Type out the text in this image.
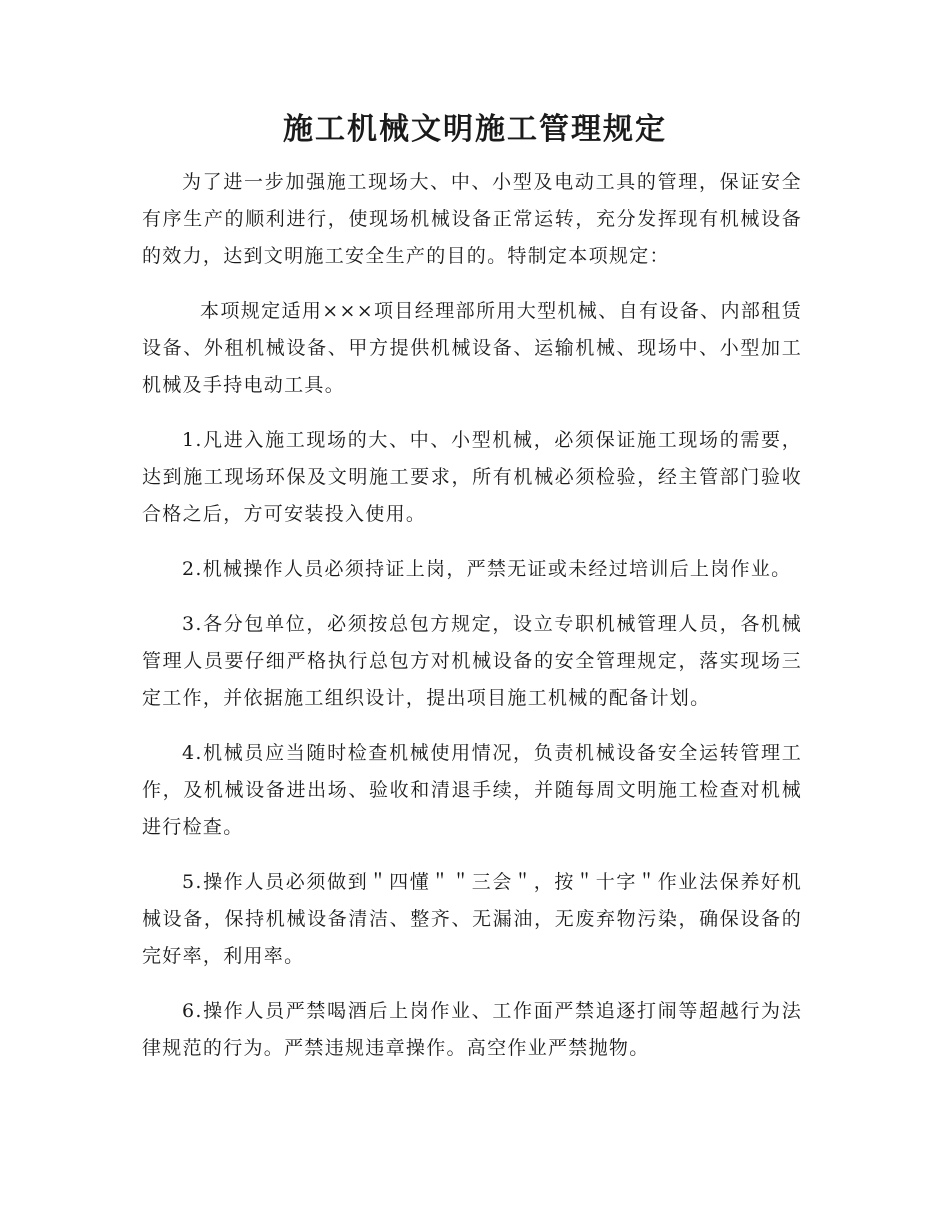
施工机械文明施工管理规定

为了进一步加强施工现场大、中、小型及电动工具的管理，保证安全有序生产的顺利进行，使现场机械设备正常运转，充分发挥现有机械设备的效力，达到文明施工安全生产的目的。特制定本项规定：

本项规定适用×××项目经理部所用大型机械、自有设备、内部租赁设备、外租机械设备、甲方提供机械设备、运输机械、现场中、小型加工机械及手持电动工具。

1.凡进入施工现场的大、中、小型机械，必须保证施工现场的需要，达到施工现场环保及文明施工要求，所有机械必须检验，经主管部门验收合格之后，方可安装投入使用。

2.机械操作人员必须持证上岗，严禁无证或未经过培训后上岗作业。

3.各分包单位，必须按总包方规定，设立专职机械管理人员，各机械管理人员要仔细严格执行总包方对机械设备的安全管理规定，落实现场三定工作，并依据施工组织设计，提出项目施工机械的配备计划。

4.机械员应当随时检查机械使用情况，负责机械设备安全运转管理工作，及机械设备进出场、验收和清退手续，并随每周文明施工检查对机械进行检查。

5.操作人员必须做到＂四懂＂＂三会＂，按＂十字＂作业法保养好机械设备，保持机械设备清洁、整齐、无漏油，无废弃物污染，确保设备的完好率，利用率。

6.操作人员严禁喝酒后上岗作业、工作面严禁追逐打闹等超越行为法律规范的行为。严禁违规违章操作。高空作业严禁抛物。
